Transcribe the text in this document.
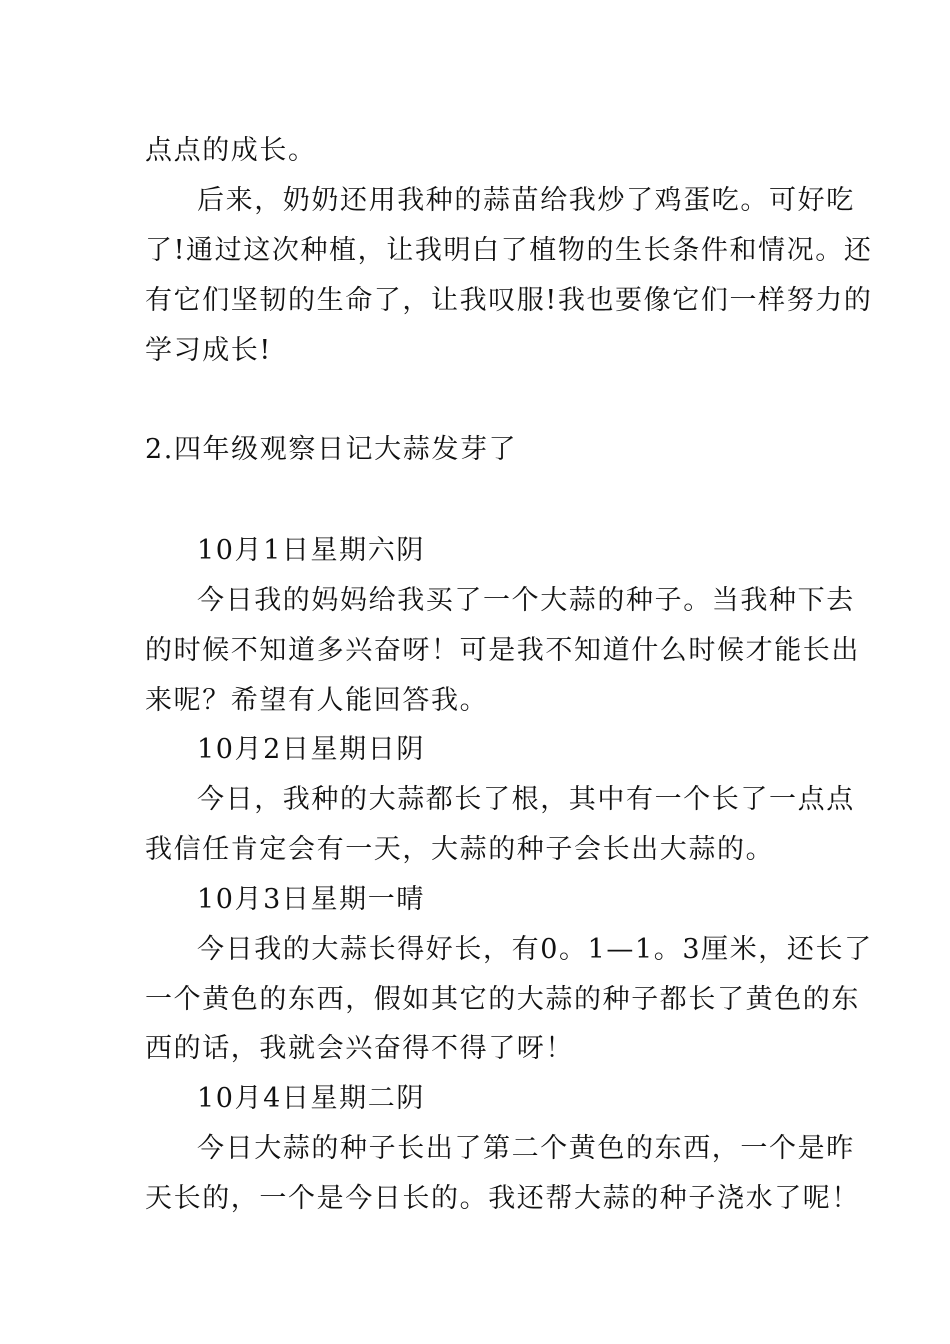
点点的成长。
后来，奶奶还用我种的蒜苗给我炒了鸡蛋吃。可好吃
了!通过这次种植，让我明白了植物的生长条件和情况。还
有它们坚韧的生命了，让我叹服!我也要像它们一样努力的
学习成长!
2.四年级观察日记大蒜发芽了
10月1日星期六阴
今日我的妈妈给我买了一个大蒜的种子。当我种下去
的时候不知道多兴奋呀！可是我不知道什么时候才能长出
来呢？希望有人能回答我。
10月2日星期日阴
今日，我种的大蒜都长了根，其中有一个长了一点点
我信任肯定会有一天，大蒜的种子会长出大蒜的。
10月3日星期一晴
今日我的大蒜长得好长，有0。1—1。3厘米，还长了
一个黄色的东西，假如其它的大蒜的种子都长了黄色的东
西的话，我就会兴奋得不得了呀！
10月4日星期二阴
今日大蒜的种子长出了第二个黄色的东西，一个是昨
天长的，一个是今日长的。我还帮大蒜的种子浇水了呢！
